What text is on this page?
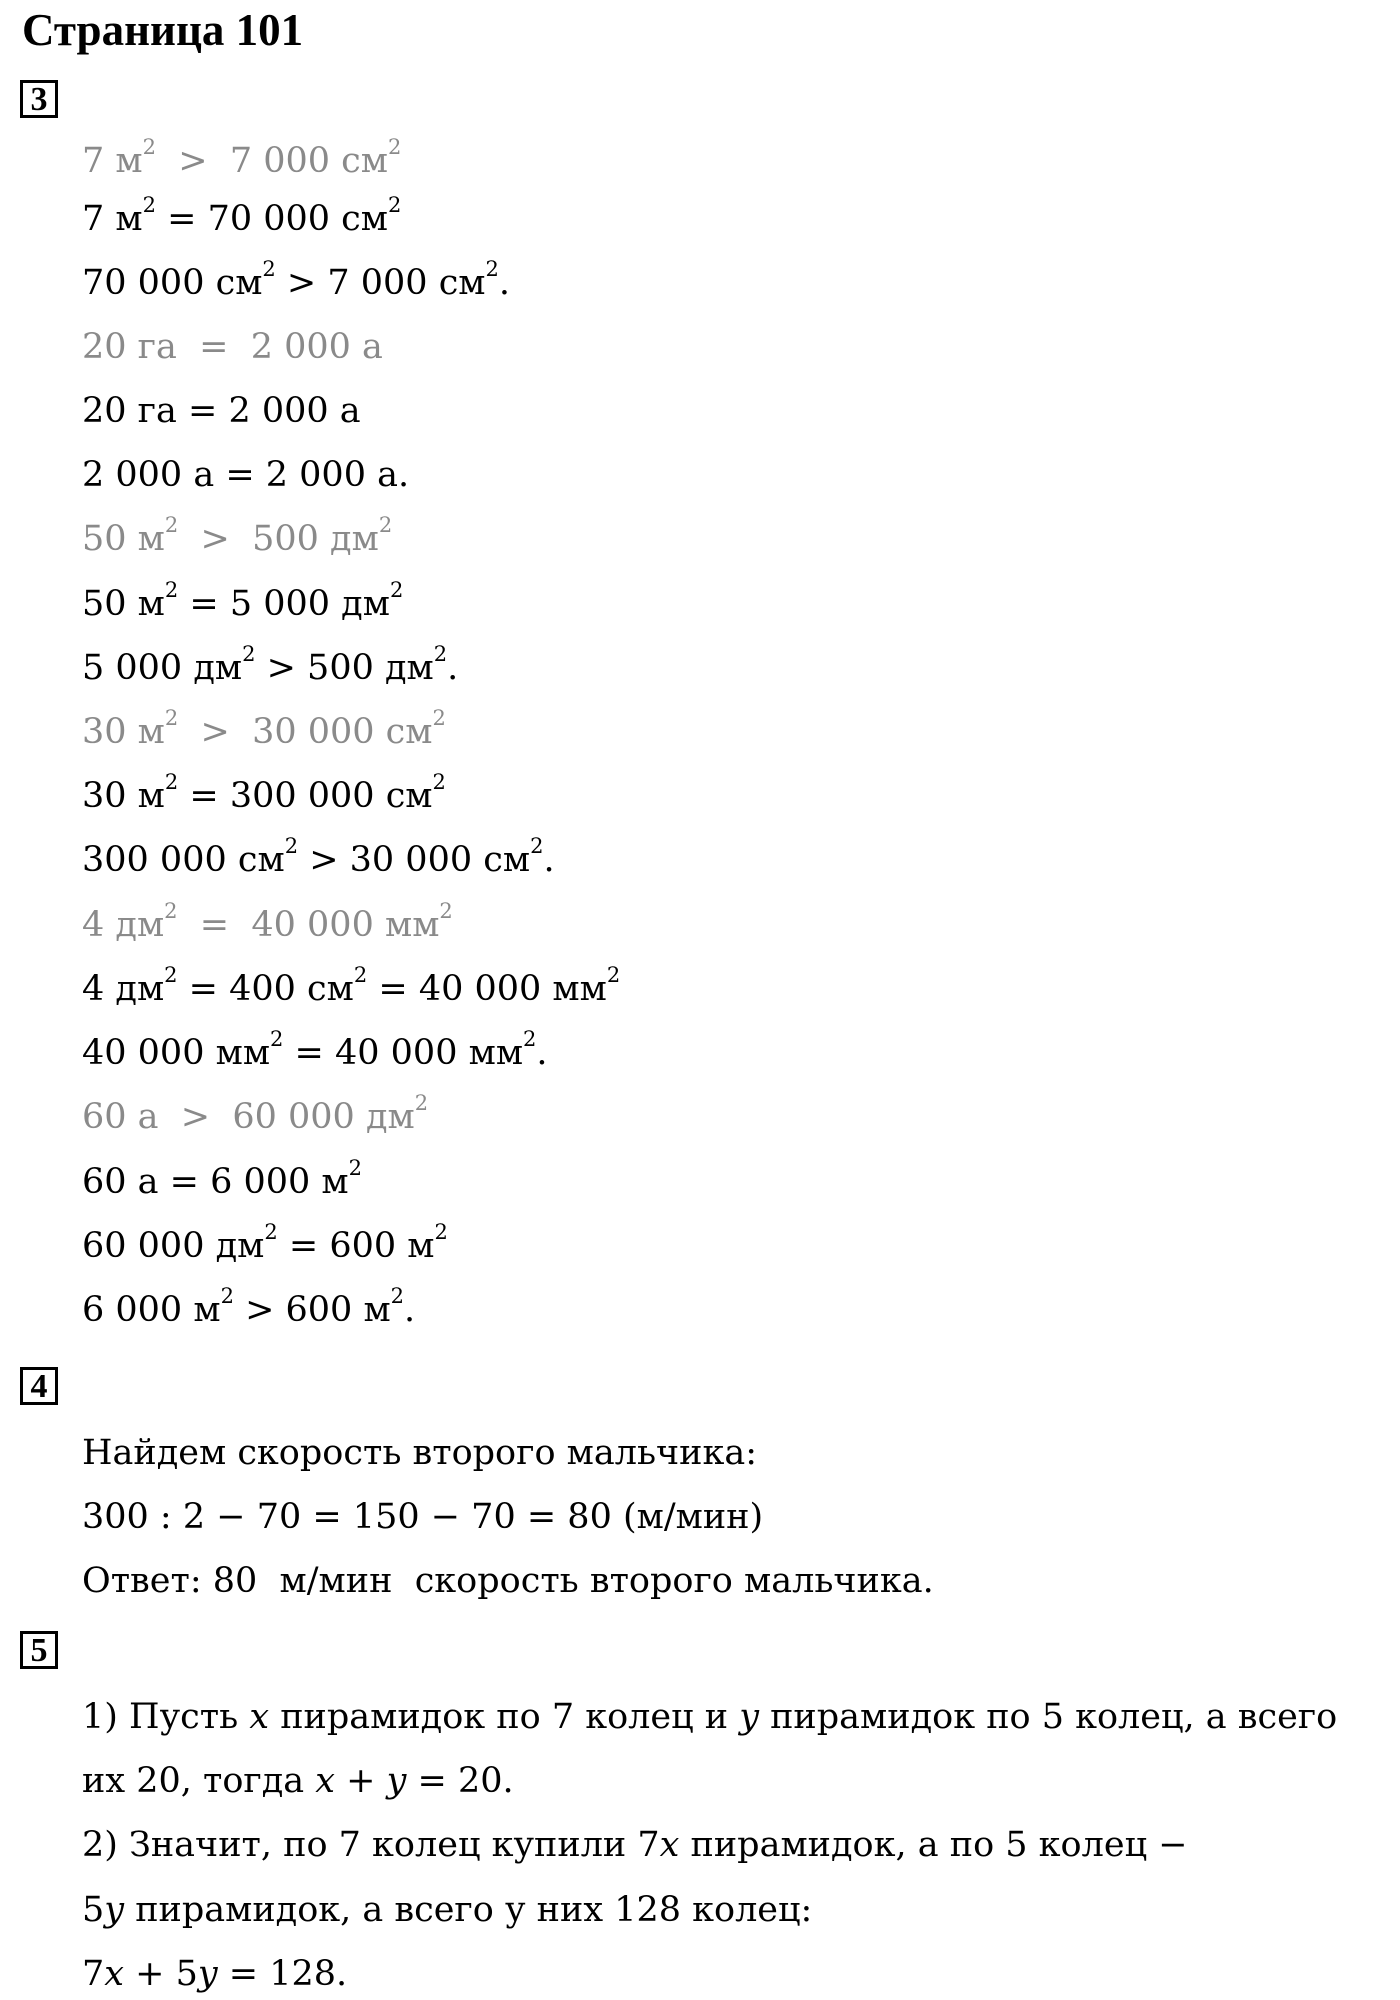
Страница 101
3
7 $м^2 > 7$ 000 $см^2$
7 $м^2 = 70$ 000 $см^2$
70 000 $см^2 > 7$ 000 $см^2$.
20 га  =  2 000 а
20 га = 2 000 а
2 000 а = 2 000 а.
50 $м^2 > 500$ $дм^2$
50 $м^2 = 5$ 000 $дм^2$
5 000 $дм^2 > 500$ $дм^2$.
30 $м^2 > 30$ 000 $см^2$
30 $м^2 = 300$ 000 $см^2$
300 000 $см^2 > 30$ 000 $см^2$.
4 $дм^2 = 40$ 000 $мм^2$
4 $дм^2 = 400$ $см^2 = 40$ 000 $мм^2$
40 000 $мм^2 = 40$ 000 $мм^2$.
60 а  >  60 000 $дм^2$
60 а = 6 000 $м^2$
60 000 $дм^2 = 600$ $м^2$
6 000 $м^2 > 600$ $м^2$.
4
Найдем скорость второго мальчика:
300 : 2 − 70 = 150 − 70 = 80 (м/мин)
Ответ: 80  м/мин  скорость второго мальчика.
5
1) Пусть x пирамидок по 7 колец и y пирамидок по 5 колец, а всего
их 20, тогда x + y = 20.
2) Значит, по 7 колец купили 7x пирамидок, а по 5 колец −
5y пирамидок, а всего у них 128 колец:
7x + 5y = 128.
